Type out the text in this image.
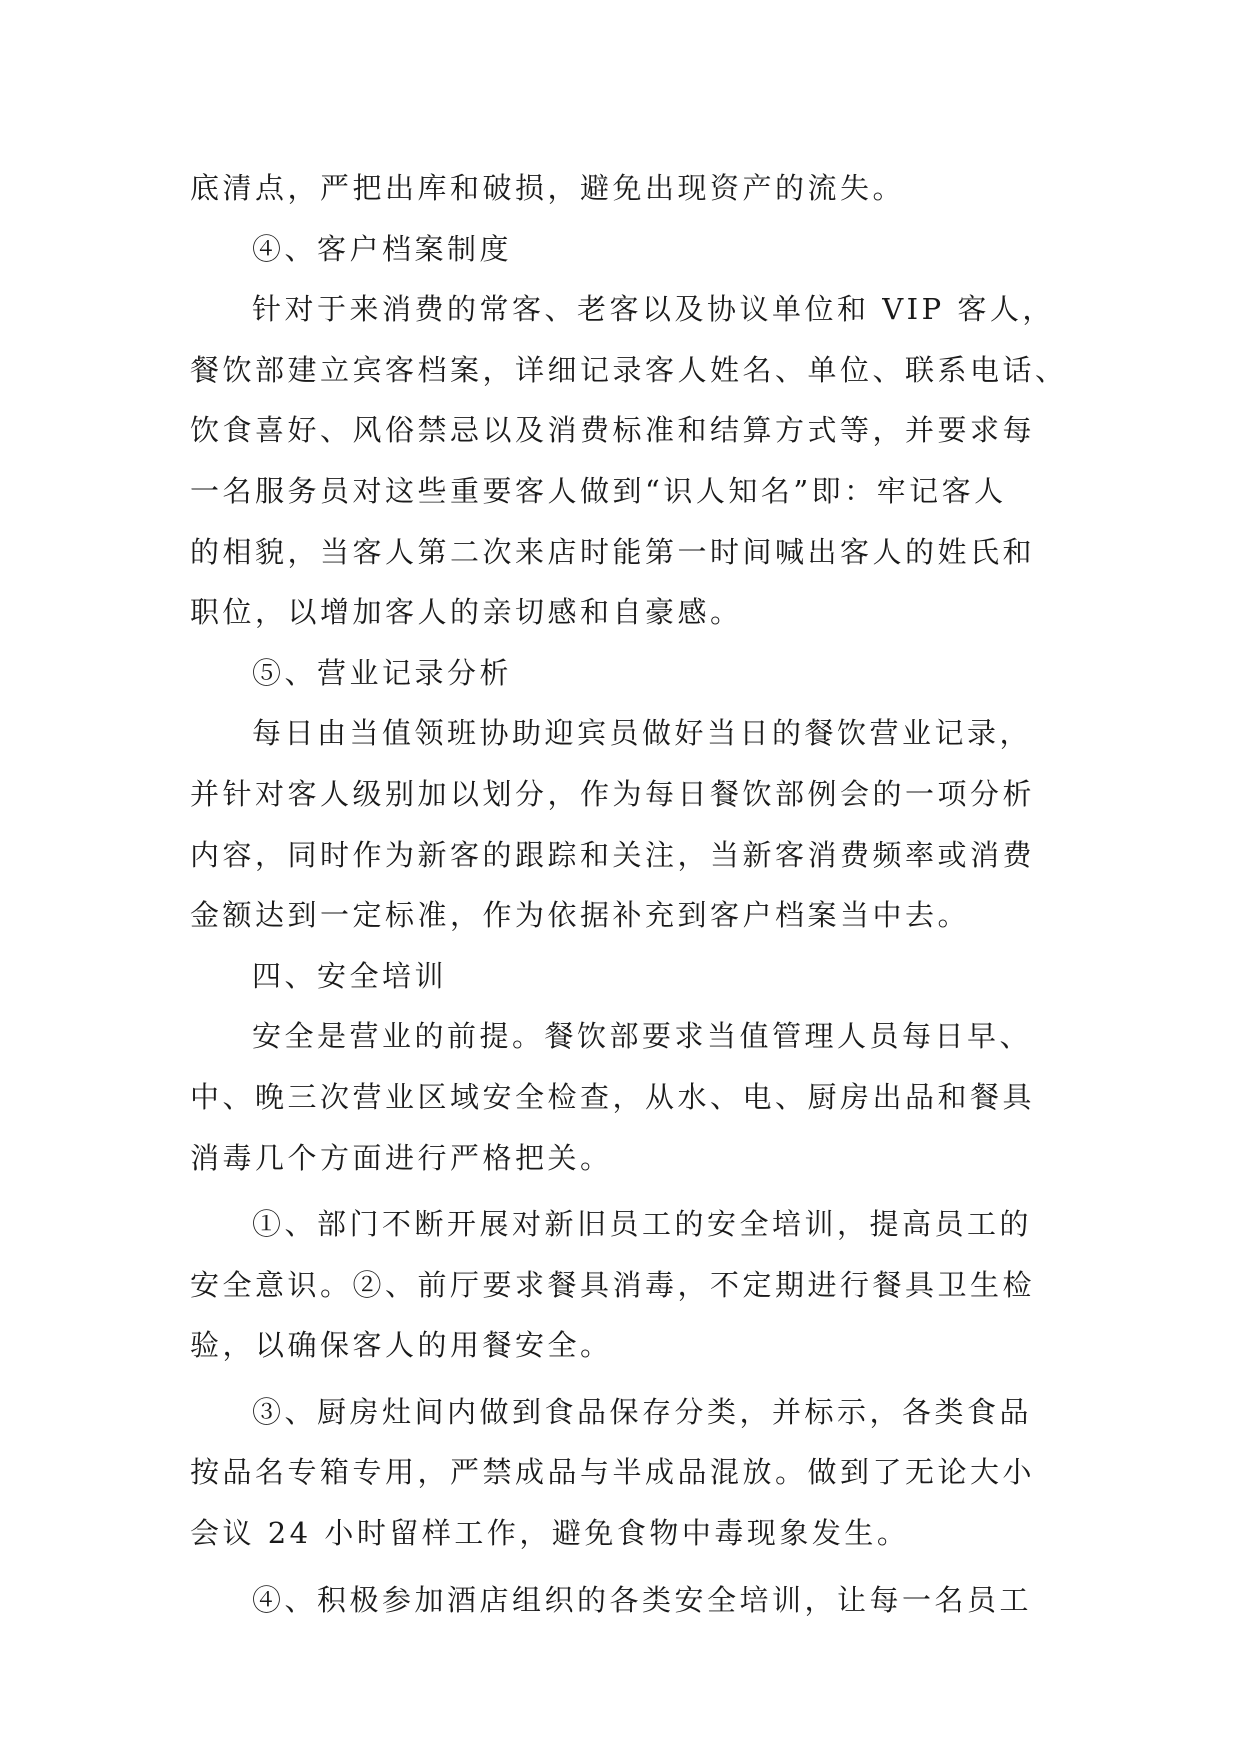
底清点，严把出库和破损，避免出现资产的流失。
④、客户档案制度
针对于来消费的常客、老客以及协议单位和 VIP 客人，
餐饮部建立宾客档案，详细记录客人姓名、单位、联系电话、
饮食喜好、风俗禁忌以及消费标准和结算方式等，并要求每
一名服务员对这些重要客人做到“识人知名”即：牢记客人
的相貌，当客人第二次来店时能第一时间喊出客人的姓氏和
职位，以增加客人的亲切感和自豪感。
⑤、营业记录分析
每日由当值领班协助迎宾员做好当日的餐饮营业记录，
并针对客人级别加以划分，作为每日餐饮部例会的一项分析
内容，同时作为新客的跟踪和关注，当新客消费频率或消费
金额达到一定标准，作为依据补充到客户档案当中去。
四、安全培训
安全是营业的前提。餐饮部要求当值管理人员每日早、
中、晚三次营业区域安全检查，从水、电、厨房出品和餐具
消毒几个方面进行严格把关。
①、部门不断开展对新旧员工的安全培训，提高员工的
安全意识。②、前厅要求餐具消毒，不定期进行餐具卫生检
验，以确保客人的用餐安全。
③、厨房灶间内做到食品保存分类，并标示，各类食品
按品名专箱专用，严禁成品与半成品混放。做到了无论大小
会议 24 小时留样工作，避免食物中毒现象发生。
④、积极参加酒店组织的各类安全培训，让每一名员工
